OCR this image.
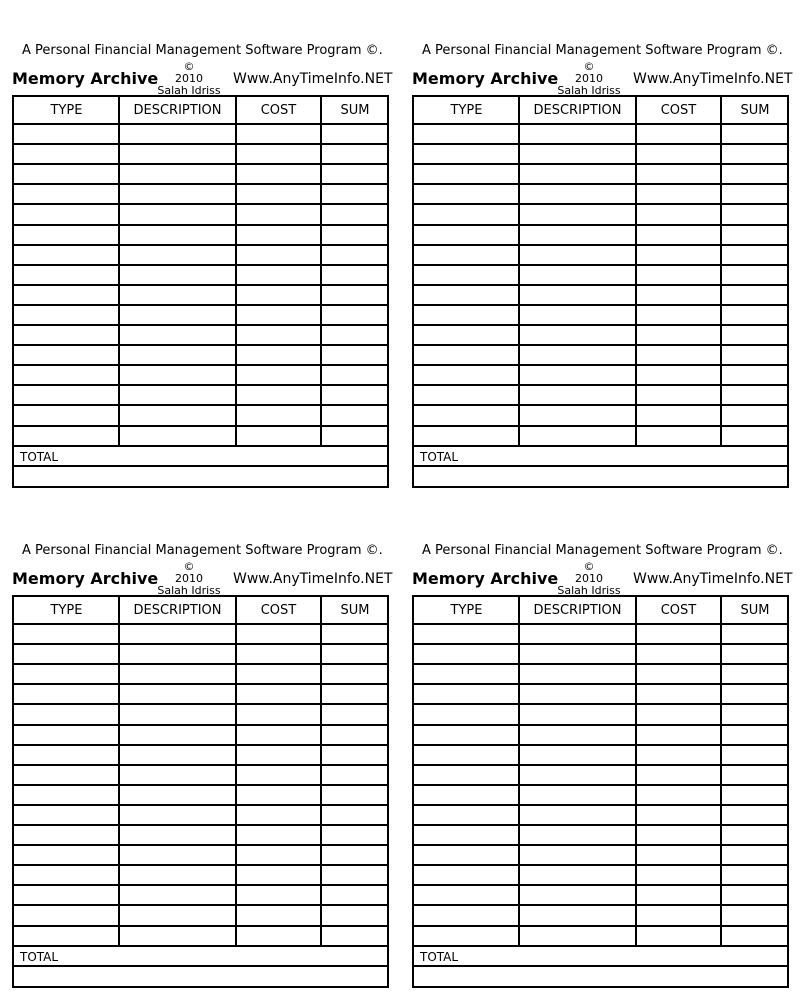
A Personal Financial Management Software Program ©.
Memory Archive
©
2010
Salah Idriss
Www.AnyTimeInfo.NET
TYPE	DESCRIPTION	COST	SUM
TOTAL
A Personal Financial Management Software Program ©.
Memory Archive
©
2010
Salah Idriss
Www.AnyTimeInfo.NET
TYPE	DESCRIPTION	COST	SUM
TOTAL
A Personal Financial Management Software Program ©.
Memory Archive
©
2010
Salah Idriss
Www.AnyTimeInfo.NET
TYPE	DESCRIPTION	COST	SUM
TOTAL
A Personal Financial Management Software Program ©.
Memory Archive
©
2010
Salah Idriss
Www.AnyTimeInfo.NET
TYPE	DESCRIPTION	COST	SUM
TOTAL
